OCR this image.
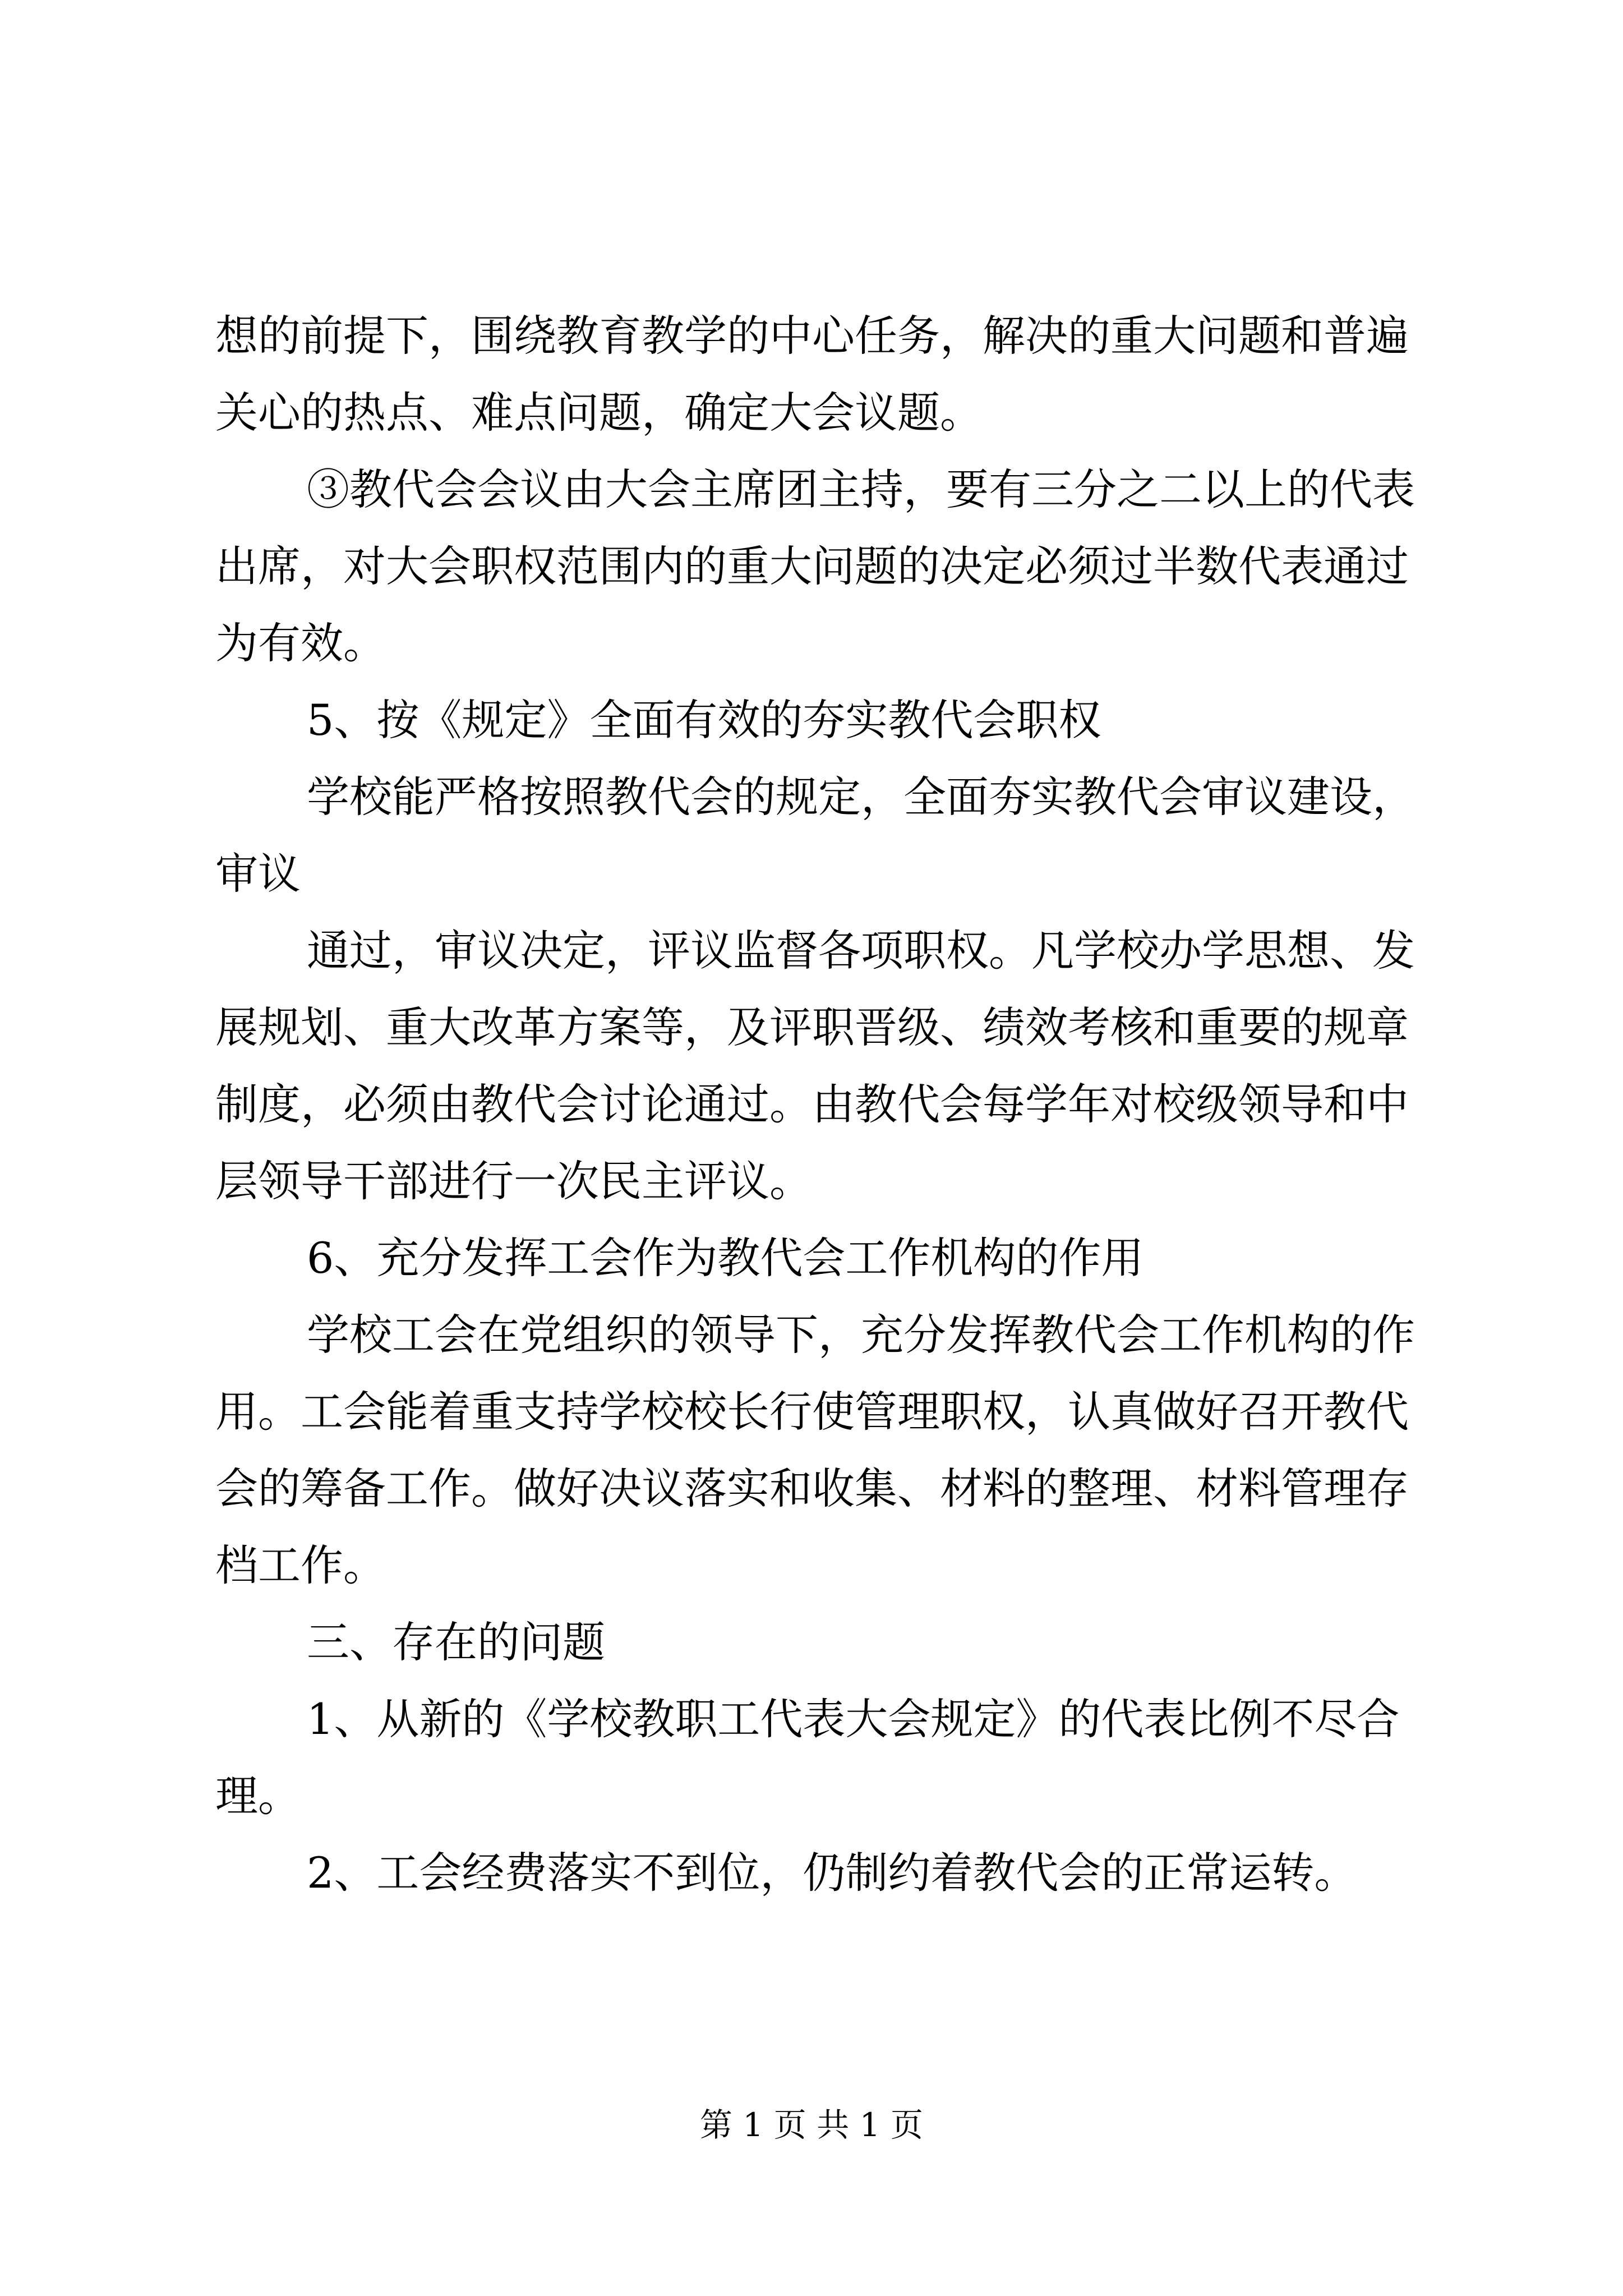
想的前提下，围绕教育教学的中心任务，解决的重大问题和普遍
关心的热点、难点问题，确定大会议题。
③教代会会议由大会主席团主持，要有三分之二以上的代表
出席，对大会职权范围内的重大问题的决定必须过半数代表通过
为有效。
5、按《规定》全面有效的夯实教代会职权
学校能严格按照教代会的规定，全面夯实教代会审议建设，
审议
通过，审议决定，评议监督各项职权。凡学校办学思想、发
展规划、重大改革方案等，及评职晋级、绩效考核和重要的规章
制度，必须由教代会讨论通过。由教代会每学年对校级领导和中
层领导干部进行一次民主评议。
6、充分发挥工会作为教代会工作机构的作用
学校工会在党组织的领导下，充分发挥教代会工作机构的作
用。工会能着重支持学校校长行使管理职权，认真做好召开教代
会的筹备工作。做好决议落实和收集、材料的整理、材料管理存
档工作。
三、存在的问题
1、从新的《学校教职工代表大会规定》的代表比例不尽合
理。
2、工会经费落实不到位，仍制约着教代会的正常运转。
第 1 页 共 1 页
